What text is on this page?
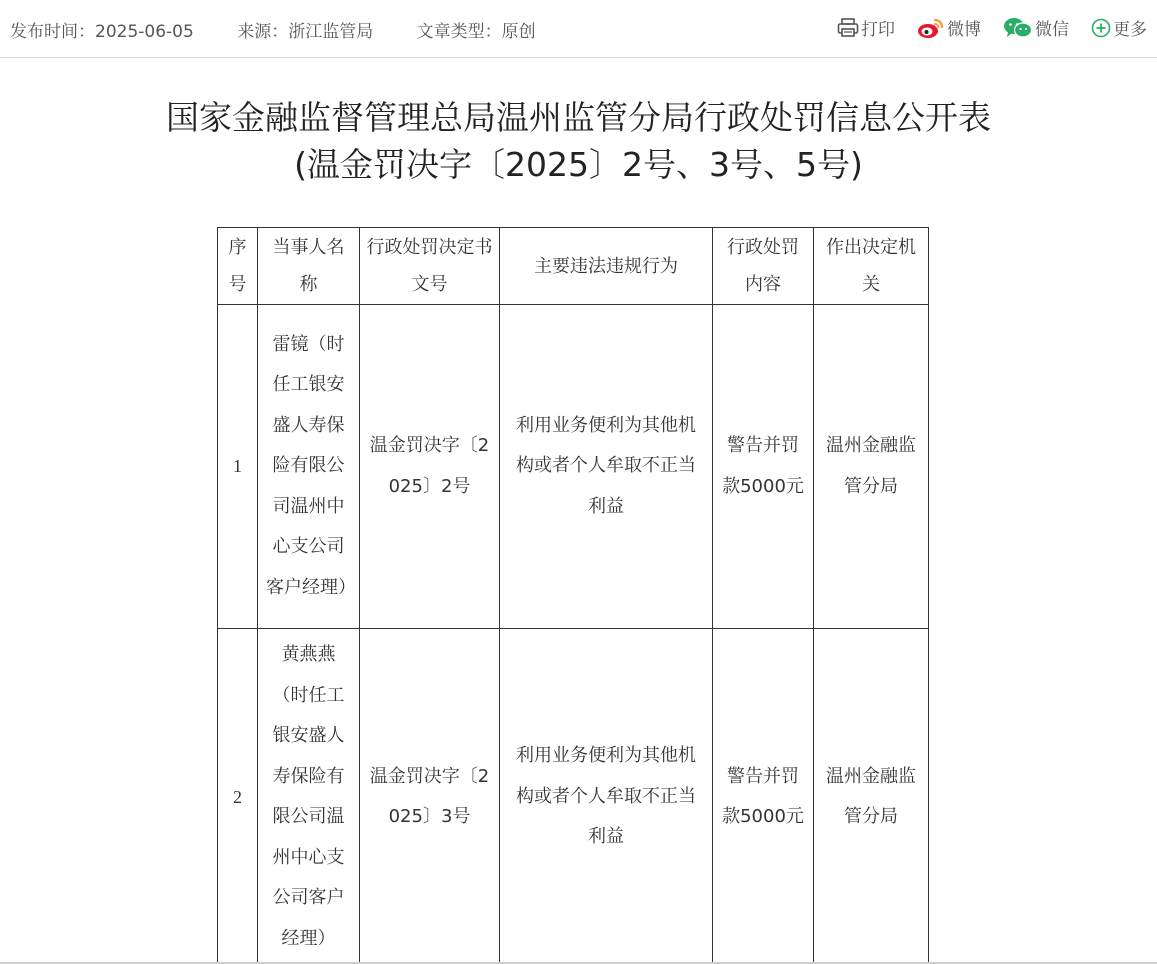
发布时间：2025-06-05	来源：浙江监管局	文章类型：原创	打印	微博	微信	更多
国家金融监督管理总局温州监管分局行政处罚信息公开表
(温金罚决字〔2025〕2号、3号、5号)
序号	当事人名称	行政处罚决定书文号	主要违法违规行为	行政处罚内容	作出决定机关
1	雷镜（时任工银安盛人寿保险有限公司温州中心支公司客户经理）	温金罚决字〔2025〕2号	利用业务便利为其他机构或者个人牟取不正当利益	警告并罚款5000元	温州金融监管分局
2	黄燕燕（时任工银安盛人寿保险有限公司温州中心支公司客户经理）	温金罚决字〔2025〕3号	利用业务便利为其他机构或者个人牟取不正当利益	警告并罚款5000元	温州金融监管分局
